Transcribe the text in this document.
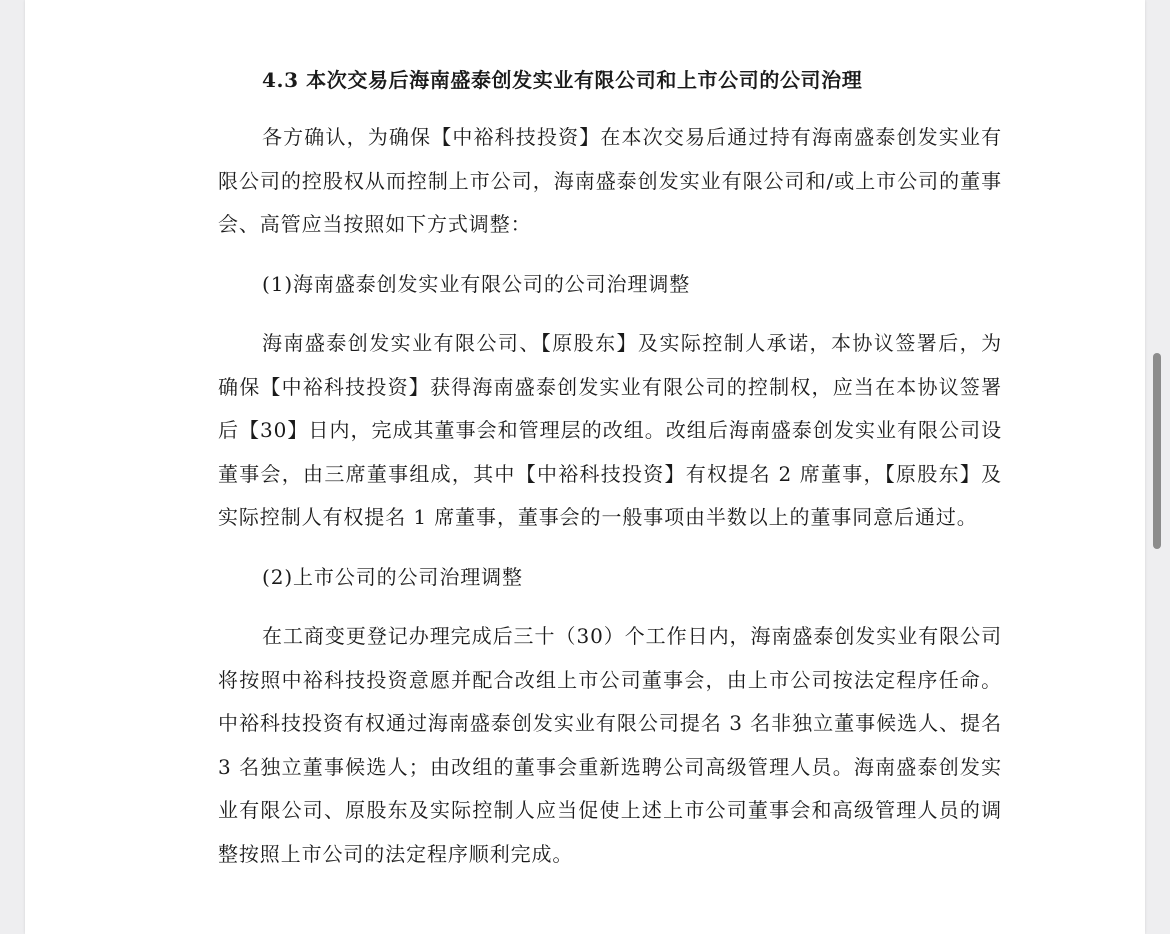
4.3 本次交易后海南盛泰创发实业有限公司和上市公司的公司治理

各方确认，为确保【中裕科技投资】在本次交易后通过持有海南盛泰创发实业有限公司的控股权从而控制上市公司，海南盛泰创发实业有限公司和/或上市公司的董事会、高管应当按照如下方式调整：

(1)海南盛泰创发实业有限公司的公司治理调整

海南盛泰创发实业有限公司、【原股东】及实际控制人承诺，本协议签署后，为确保【中裕科技投资】获得海南盛泰创发实业有限公司的控制权，应当在本协议签署后【30】日内，完成其董事会和管理层的改组。改组后海南盛泰创发实业有限公司设董事会，由三席董事组成，其中【中裕科技投资】有权提名 2 席董事，【原股东】及实际控制人有权提名 1 席董事，董事会的一般事项由半数以上的董事同意后通过。

(2)上市公司的公司治理调整

在工商变更登记办理完成后三十（30）个工作日内，海南盛泰创发实业有限公司将按照中裕科技投资意愿并配合改组上市公司董事会，由上市公司按法定程序任命。中裕科技投资有权通过海南盛泰创发实业有限公司提名 3 名非独立董事候选人、提名 3 名独立董事候选人；由改组的董事会重新选聘公司高级管理人员。海南盛泰创发实业有限公司、原股东及实际控制人应当促使上述上市公司董事会和高级管理人员的调整按照上市公司的法定程序顺利完成。
